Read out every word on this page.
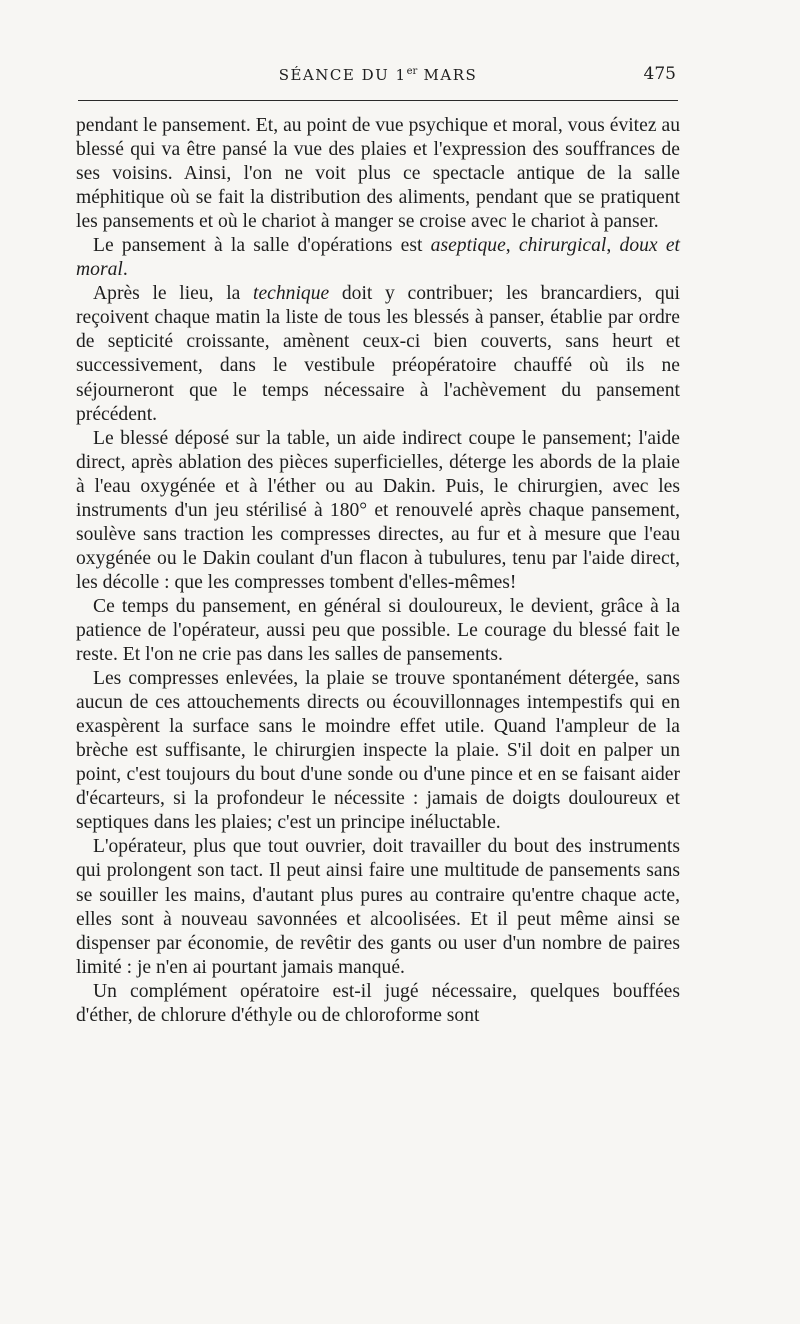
SÉANCE DU 1er MARS	475

pendant le pansement. Et, au point de vue psychique et moral, vous évitez au blessé qui va être pansé la vue des plaies et l'expression des souffrances de ses voisins. Ainsi, l'on ne voit plus ce spectacle antique de la salle méphitique où se fait la distribution des aliments, pendant que se pratiquent les pansements et où le chariot à manger se croise avec le chariot à panser.

Le pansement à la salle d'opérations est aseptique, chirurgical, doux et moral.

Après le lieu, la technique doit y contribuer; les brancardiers, qui reçoivent chaque matin la liste de tous les blessés à panser, établie par ordre de septicité croissante, amènent ceux-ci bien couverts, sans heurt et successivement, dans le vestibule préopératoire chauffé où ils ne séjourneront que le temps nécessaire à l'achèvement du pansement précédent.

Le blessé déposé sur la table, un aide indirect coupe le pansement; l'aide direct, après ablation des pièces superficielles, déterge les abords de la plaie à l'eau oxygénée et à l'éther ou au Dakin. Puis, le chirurgien, avec les instruments d'un jeu stérilisé à 180° et renouvelé après chaque pansement, soulève sans traction les compresses directes, au fur et à mesure que l'eau oxygénée ou le Dakin coulant d'un flacon à tubulures, tenu par l'aide direct, les décolle : que les compresses tombent d'elles-mêmes!

Ce temps du pansement, en général si douloureux, le devient, grâce à la patience de l'opérateur, aussi peu que possible. Le courage du blessé fait le reste. Et l'on ne crie pas dans les salles de pansements.

Les compresses enlevées, la plaie se trouve spontanément détergée, sans aucun de ces attouchements directs ou écouvillonnages intempestifs qui en exaspèrent la surface sans le moindre effet utile. Quand l'ampleur de la brèche est suffisante, le chirurgien inspecte la plaie. S'il doit en palper un point, c'est toujours du bout d'une sonde ou d'une pince et en se faisant aider d'écarteurs, si la profondeur le nécessite : jamais de doigts douloureux et septiques dans les plaies; c'est un principe inéluctable.

L'opérateur, plus que tout ouvrier, doit travailler du bout des instruments qui prolongent son tact. Il peut ainsi faire une multitude de pansements sans se souiller les mains, d'autant plus pures au contraire qu'entre chaque acte, elles sont à nouveau savonnées et alcoolisées. Et il peut même ainsi se dispenser par économie, de revêtir des gants ou user d'un nombre de paires limité : je n'en ai pourtant jamais manqué.

Un complément opératoire est-il jugé nécessaire, quelques bouffées d'éther, de chlorure d'éthyle ou de chloroforme sont
